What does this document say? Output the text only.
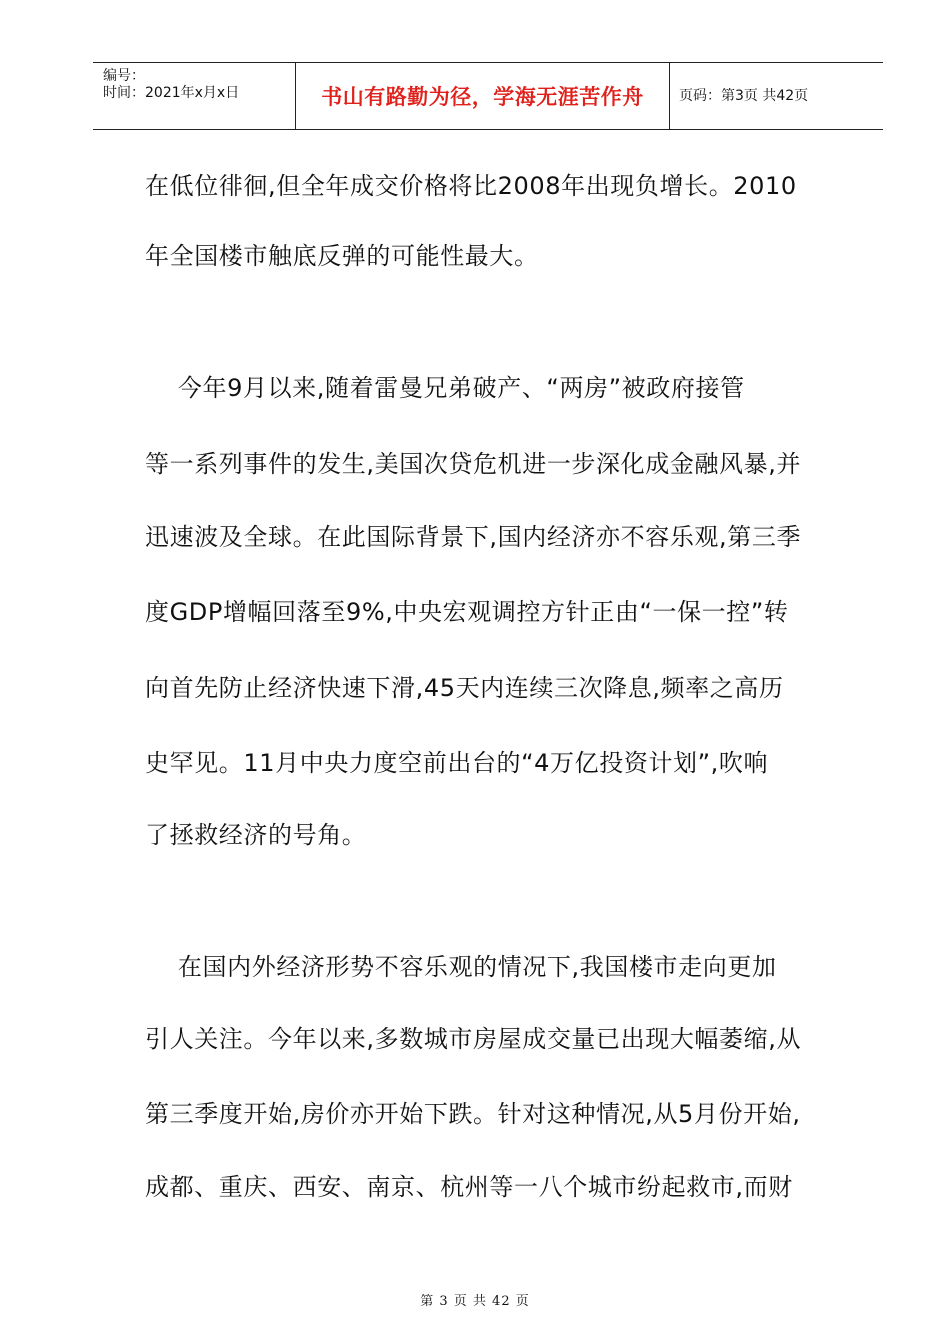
编号：
时间：2021年x月x日	书山有路勤为径，学海无涯苦作舟	页码：第3页 共42页
在低位徘徊,但全年成交价格将比2008年出现负增长。2010
年全国楼市触底反弹的可能性最大。
今年9月以来,随着雷曼兄弟破产、“两房”被政府接管
等一系列事件的发生,美国次贷危机进一步深化成金融风暴,并
迅速波及全球。在此国际背景下,国内经济亦不容乐观,第三季
度GDP增幅回落至9%,中央宏观调控方针正由“一保一控”转
向首先防止经济快速下滑,45天内连续三次降息,频率之高历
史罕见。11月中央力度空前出台的“4万亿投资计划”,吹响
了拯救经济的号角。
在国内外经济形势不容乐观的情况下,我国楼市走向更加
引人关注。今年以来,多数城市房屋成交量已出现大幅萎缩,从
第三季度开始,房价亦开始下跌。针对这种情况,从5月份开始,
成都、重庆、西安、南京、杭州等一八个城市纷起救市,而财
第 3 页 共 42 页
